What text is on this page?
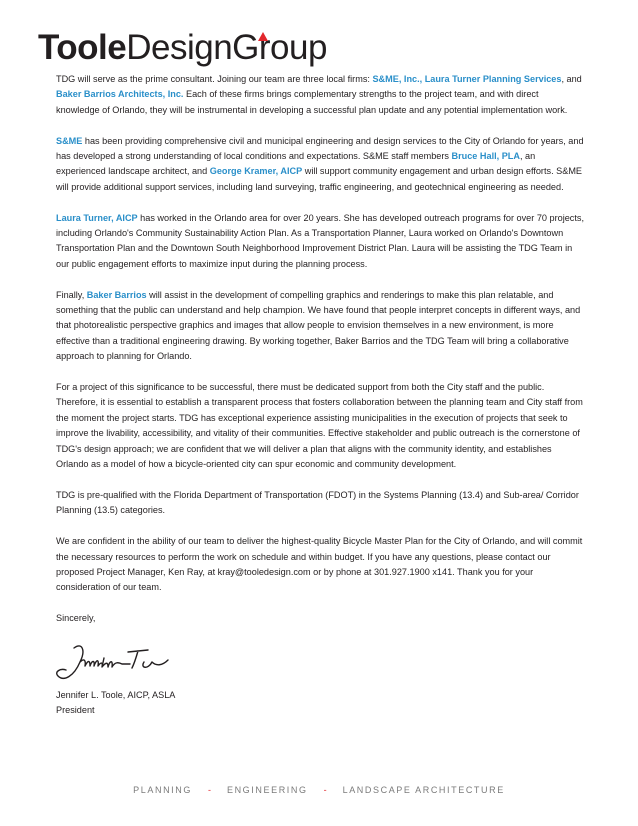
TooleDesignGroup

TDG will serve as the prime consultant. Joining our team are three local firms: S&ME, Inc., Laura Turner Planning Services, and Baker Barrios Architects, Inc. Each of these firms brings complementary strengths to the project team, and with direct knowledge of Orlando, they will be instrumental in developing a successful plan update and any potential implementation work.

S&ME has been providing comprehensive civil and municipal engineering and design services to the City of Orlando for years, and has developed a strong understanding of local conditions and expectations. S&ME staff members Bruce Hall, PLA, an experienced landscape architect, and George Kramer, AICP will support community engagement and urban design efforts. S&ME will provide additional support services, including land surveying, traffic engineering, and geotechnical engineering as needed.

Laura Turner, AICP has worked in the Orlando area for over 20 years. She has developed outreach programs for over 70 projects, including Orlando's Community Sustainability Action Plan. As a Transportation Planner, Laura worked on Orlando's Downtown Transportation Plan and the Downtown South Neighborhood Improvement District Plan. Laura will be assisting the TDG Team in our public engagement efforts to maximize input during the planning process.

Finally, Baker Barrios will assist in the development of compelling graphics and renderings to make this plan relatable, and something that the public can understand and help champion. We have found that people interpret concepts in different ways, and that photorealistic perspective graphics and images that allow people to envision themselves in a new environment, is more effective than a traditional engineering drawing. By working together, Baker Barrios and the TDG Team will bring a collaborative approach to planning for Orlando.

For a project of this significance to be successful, there must be dedicated support from both the City staff and the public. Therefore, it is essential to establish a transparent process that fosters collaboration between the planning team and City staff from the moment the project starts. TDG has exceptional experience assisting municipalities in the execution of projects that seek to improve the livability, accessibility, and vitality of their communities. Effective stakeholder and public outreach is the cornerstone of TDG's design approach; we are confident that we will deliver a plan that aligns with the community identity, and establishes Orlando as a model of how a bicycle-oriented city can spur economic and community development.

TDG is pre-qualified with the Florida Department of Transportation (FDOT) in the Systems Planning (13.4) and Sub-area/ Corridor Planning (13.5) categories.

We are confident in the ability of our team to deliver the highest-quality Bicycle Master Plan for the City of Orlando, and will commit the necessary resources to perform the work on schedule and within budget. If you have any questions, please contact our proposed Project Manager, Ken Ray, at kray@tooledesign.com or by phone at 301.927.1900 x141. Thank you for your consideration of our team.

Sincerely,

Jennifer L. Toole, AICP, ASLA
President
PLANNING - ENGINEERING - LANDSCAPE ARCHITECTURE
